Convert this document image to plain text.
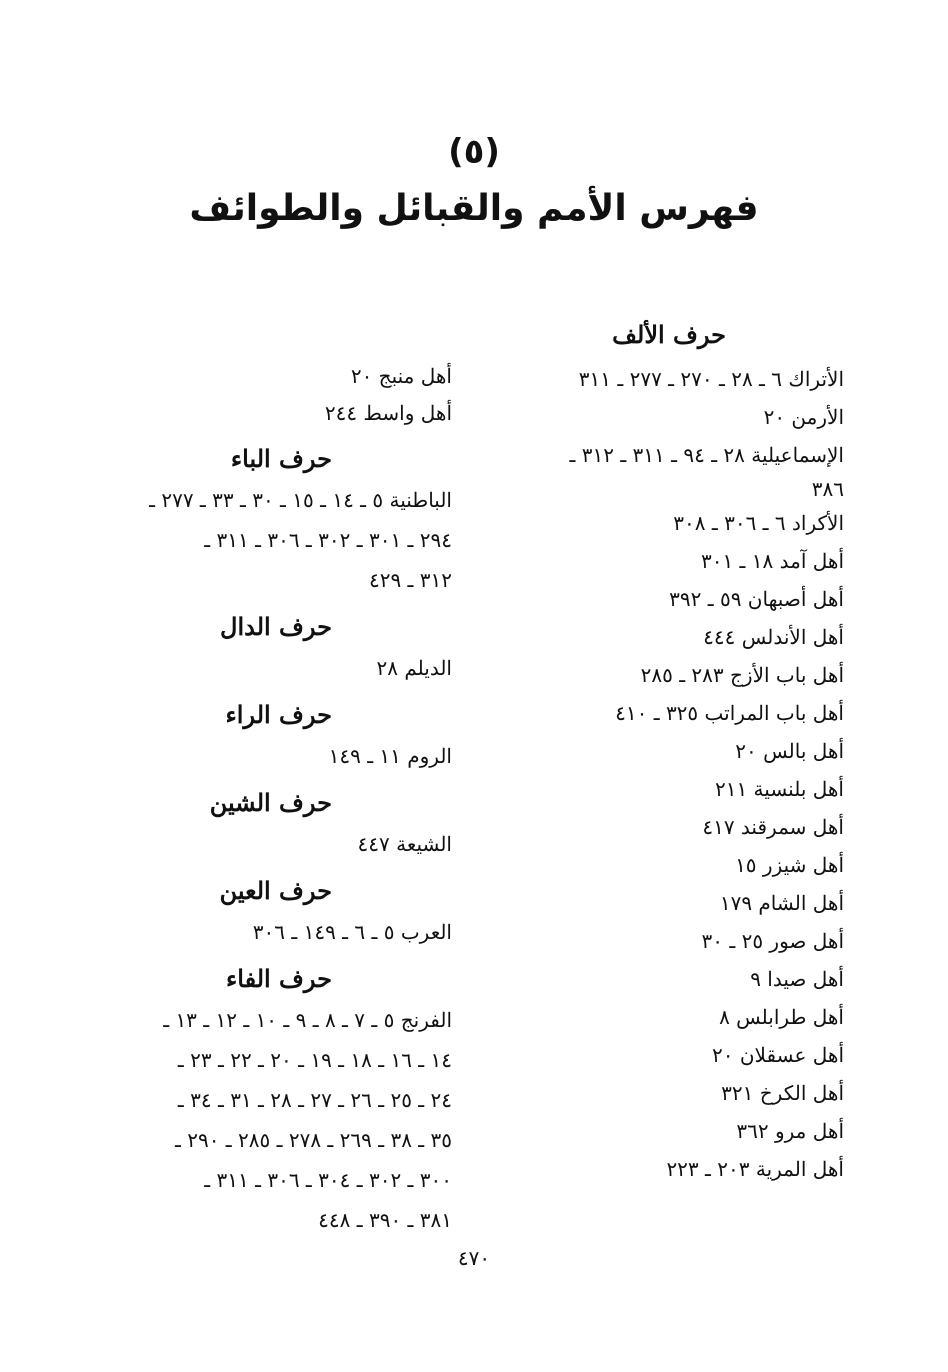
(٥)
فهرس الأمم والقبائل والطوائف
حرف الألف
الأتراك ٦ ـ ٢٨ ـ ٢٧٠ ـ ٢٧٧ ـ ٣١١
الأرمن ٢٠
الإسماعيلية ٢٨ ـ ٩٤ ـ ٣١١ ـ ٣١٢ ـ
٣٨٦
الأكراد ٦ ـ ٣٠٦ ـ ٣٠٨
أهل آمد ١٨ ـ ٣٠١
أهل أصبهان ٥٩ ـ ٣٩٢
أهل الأندلس ٤٤٤
أهل باب الأزج ٢٨٣ ـ ٢٨٥
أهل باب المراتب ٣٢٥ ـ ٤١٠
أهل بالس ٢٠
أهل بلنسية ٢١١
أهل سمرقند ٤١٧
أهل شيزر ١٥
أهل الشام ١٧٩
أهل صور ٢٥ ـ ٣٠
أهل صيدا ٩
أهل طرابلس ٨
أهل عسقلان ٢٠
أهل الكرخ ٣٢١
أهل مرو ٣٦٢
أهل المرية ٢٠٣ ـ ٢٢٣
أهل منبج ٢٠
أهل واسط ٢٤٤
حرف الباء
الباطنية ٥ ـ ١٤ ـ ١٥ ـ ٣٠ ـ ٣٣ ـ ٢٧٧ ـ
٢٩٤ ـ ٣٠١ ـ ٣٠٢ ـ ٣٠٦ ـ ٣١١ ـ
٣١٢ ـ ٤٢٩
حرف الدال
الديلم ٢٨
حرف الراء
الروم ١١ ـ ١٤٩
حرف الشين
الشيعة ٤٤٧
حرف العين
العرب ٥ ـ ٦ ـ ١٤٩ ـ ٣٠٦
حرف الفاء
الفرنج ٥ ـ ٧ ـ ٨ ـ ٩ ـ ١٠ ـ ١٢ ـ ١٣ ـ
١٤ ـ ١٦ ـ ١٨ ـ ١٩ ـ ٢٠ ـ ٢٢ ـ ٢٣ ـ
٢٤ ـ ٢٥ ـ ٢٦ ـ ٢٧ ـ ٢٨ ـ ٣١ ـ ٣٤ ـ
٣٥ ـ ٣٨ ـ ٢٦٩ ـ ٢٧٨ ـ ٢٨٥ ـ ٢٩٠ ـ
٣٠٠ ـ ٣٠٢ ـ ٣٠٤ ـ ٣٠٦ ـ ٣١١ ـ
٣٨١ ـ ٣٩٠ ـ ٤٤٨
٤٧٠
